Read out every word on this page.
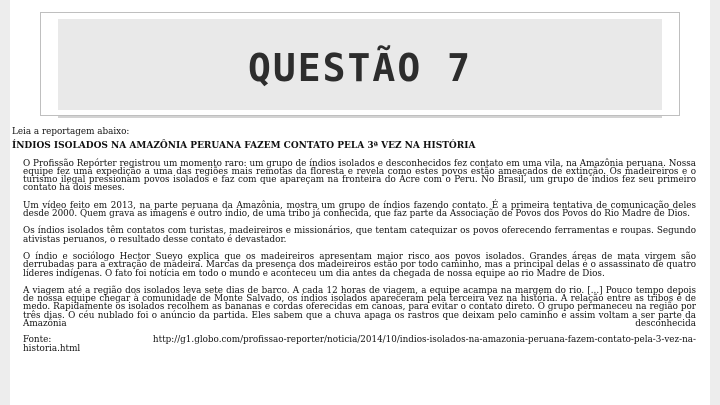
QUESTÃO 7

Leia a reportagem abaixo:

ÍNDIOS ISOLADOS NA AMAZÔNIA PERUANA FAZEM CONTATO PELA 3ª VEZ NA HISTÓRIA

O Profissão Repórter registrou um momento raro: um grupo de índios isolados e desconhecidos fez contato em uma vila, na Amazônia peruana. Nossa equipe fez uma expedição a uma das regiões mais remotas da floresta e revela como estes povos estão ameaçados de extinção. Os madeireiros e o turismo ilegal pressionam povos isolados e faz com que apareçam na fronteira do Acre com o Peru. No Brasil, um grupo de índios fez seu primeiro contato há dois meses.

Um vídeo feito em 2013, na parte peruana da Amazônia, mostra um grupo de índios fazendo contato. É a primeira tentativa de comunicação deles desde 2000. Quem grava as imagens é outro índio, de uma tribo já conhecida, que faz parte da Associação de Povos dos Povos do Rio Madre de Dios.

Os índios isolados têm contatos com turistas, madeireiros e missionários, que tentam catequizar os povos oferecendo ferramentas e roupas. Segundo ativistas peruanos, o resultado desse contato é devastador.

O índio e sociólogo Hector Sueyo explica que os madeireiros apresentam maior risco aos povos isolados. Grandes áreas de mata virgem são derrubadas para a extração de madeira. Marcas da presença dos madeireiros estão por todo caminho, mas a principal delas é o assassinato de quatro líderes indígenas. O fato foi notícia em todo o mundo e aconteceu um dia antes da chegada de nossa equipe ao rio Madre de Dios.

A viagem até a região dos isolados leva sete dias de barco. A cada 12 horas de viagem, a equipe acampa na margem do rio. [...] Pouco tempo depois de nossa equipe chegar à comunidade de Monte Salvado, os índios isolados apareceram pela terceira vez na história. A relação entre as tribos é de medo. Rapidamente os isolados recolhem as bananas e cordas oferecidas em canoas, para evitar o contato direto. O grupo permaneceu na região por três dias. O céu nublado foi o anúncio da partida. Eles sabem que a chuva apaga os rastros que deixam pelo caminho e assim voltam a ser parte da Amazônia desconhecida

Fonte:	http://g1.globo.com/profissao-reporter/noticia/2014/10/indios-isolados-na-amazonia-peruana-fazem-contato-pela-3-vez-na-

historia.html
